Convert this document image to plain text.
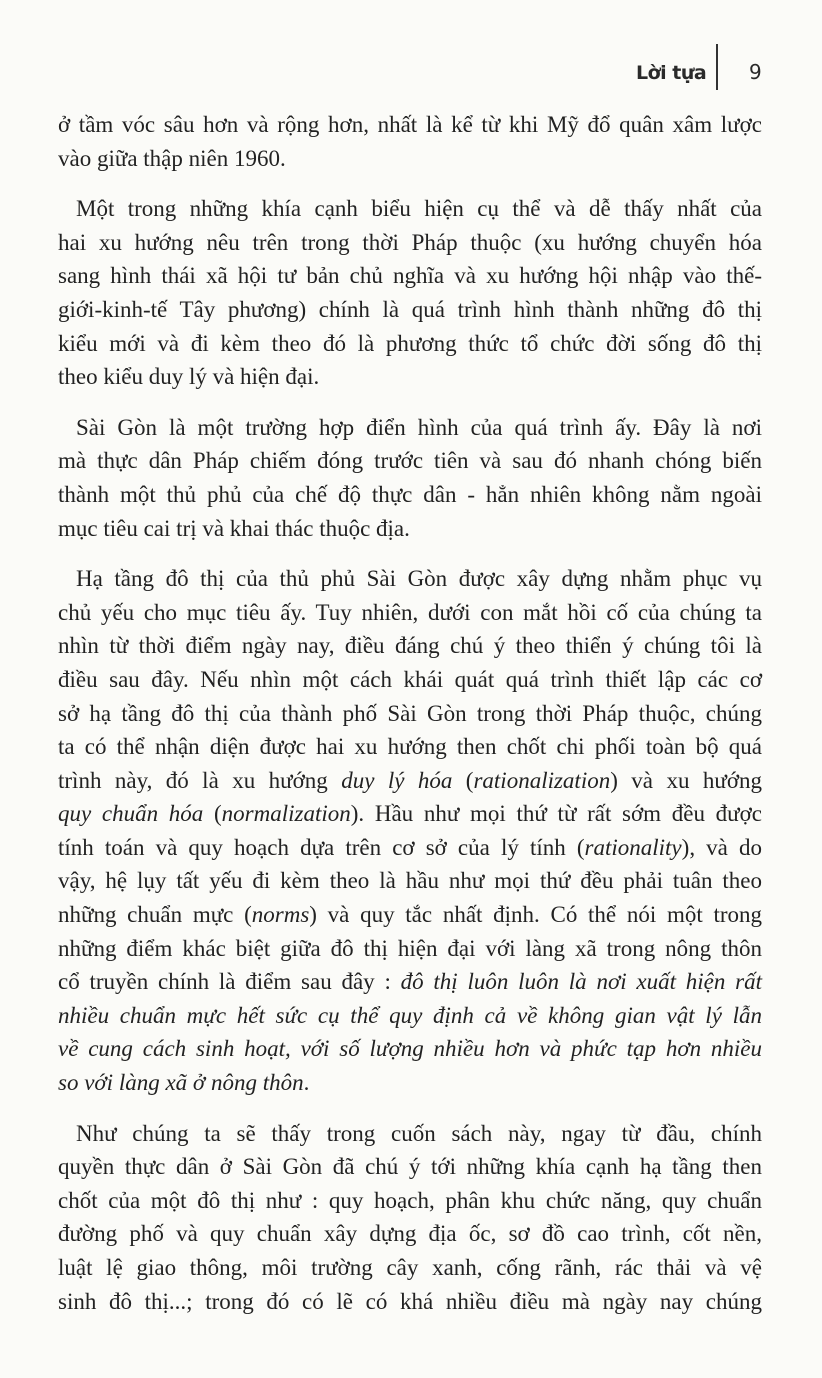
Lời tựa 9
ở tầm vóc sâu hơn và rộng hơn, nhất là kể từ khi Mỹ đổ quân xâm lược
vào giữa thập niên 1960.
Một trong những khía cạnh biểu hiện cụ thể và dễ thấy nhất của
hai xu hướng nêu trên trong thời Pháp thuộc (xu hướng chuyển hóa
sang hình thái xã hội tư bản chủ nghĩa và xu hướng hội nhập vào thế-
giới-kinh-tế Tây phương) chính là quá trình hình thành những đô thị
kiểu mới và đi kèm theo đó là phương thức tổ chức đời sống đô thị
theo kiểu duy lý và hiện đại.
Sài Gòn là một trường hợp điển hình của quá trình ấy. Đây là nơi
mà thực dân Pháp chiếm đóng trước tiên và sau đó nhanh chóng biến
thành một thủ phủ của chế độ thực dân - hẳn nhiên không nằm ngoài
mục tiêu cai trị và khai thác thuộc địa.
Hạ tầng đô thị của thủ phủ Sài Gòn được xây dựng nhằm phục vụ
chủ yếu cho mục tiêu ấy. Tuy nhiên, dưới con mắt hồi cố của chúng ta
nhìn từ thời điểm ngày nay, điều đáng chú ý theo thiển ý chúng tôi là
điều sau đây. Nếu nhìn một cách khái quát quá trình thiết lập các cơ
sở hạ tầng đô thị của thành phố Sài Gòn trong thời Pháp thuộc, chúng
ta có thể nhận diện được hai xu hướng then chốt chi phối toàn bộ quá
trình này, đó là xu hướng duy lý hóa (rationalization) và xu hướng
quy chuẩn hóa (normalization). Hầu như mọi thứ từ rất sớm đều được
tính toán và quy hoạch dựa trên cơ sở của lý tính (rationality), và do
vậy, hệ lụy tất yếu đi kèm theo là hầu như mọi thứ đều phải tuân theo
những chuẩn mực (norms) và quy tắc nhất định. Có thể nói một trong
những điểm khác biệt giữa đô thị hiện đại với làng xã trong nông thôn
cổ truyền chính là điểm sau đây : đô thị luôn luôn là nơi xuất hiện rất
nhiều chuẩn mực hết sức cụ thể quy định cả về không gian vật lý lẫn
về cung cách sinh hoạt, với số lượng nhiều hơn và phức tạp hơn nhiều
so với làng xã ở nông thôn.
Như chúng ta sẽ thấy trong cuốn sách này, ngay từ đầu, chính
quyền thực dân ở Sài Gòn đã chú ý tới những khía cạnh hạ tầng then
chốt của một đô thị như : quy hoạch, phân khu chức năng, quy chuẩn
đường phố và quy chuẩn xây dựng địa ốc, sơ đồ cao trình, cốt nền,
luật lệ giao thông, môi trường cây xanh, cống rãnh, rác thải và vệ
sinh đô thị...; trong đó có lẽ có khá nhiều điều mà ngày nay chúng
